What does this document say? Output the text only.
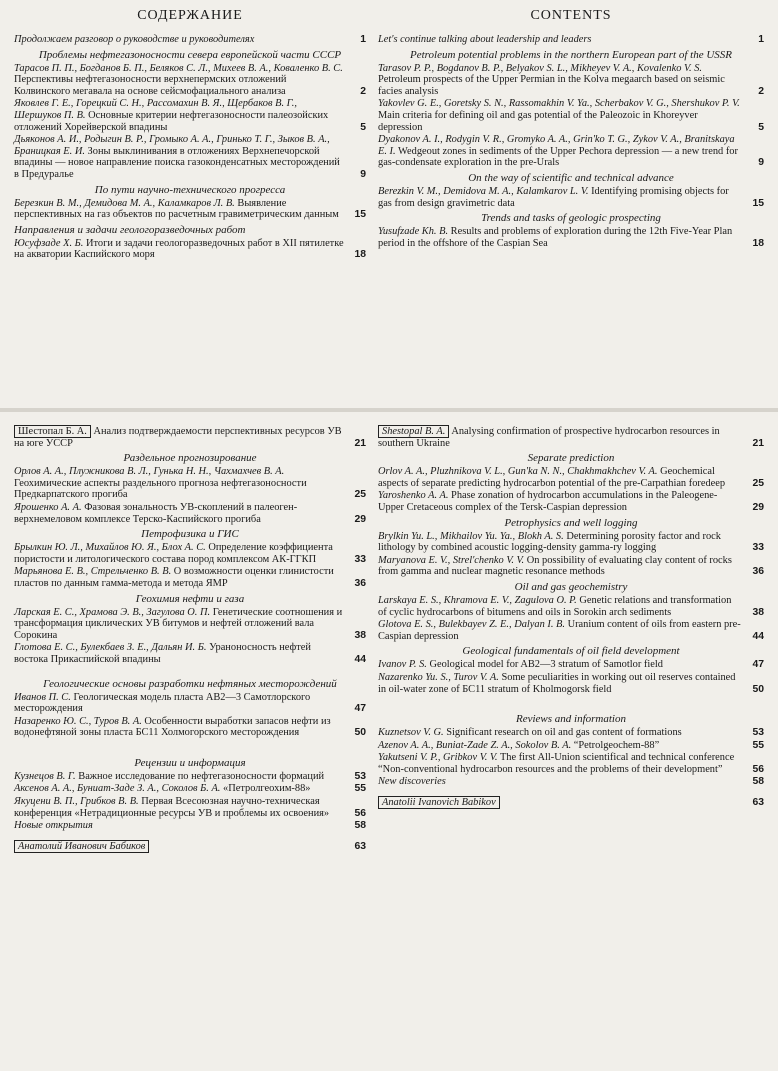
СОДЕРЖАНИЕ
Продолжаем разговор о руководстве и руководителях	1
Проблемы нефтегазоносности севера европейской части СССР
Тарасов П. П., Богданов Б. П., Беляков С. Л., Михеев В. А., Коваленко В. С. Перспективы нефтегазоносности верхнепермских отложений Колвинского мегавала на основе сейсмофациального анализа	2
Яковлев Г. Е., Горецкий С. Н., Рассомахин В. Я., Щербаков В. Г., Шершуков П. В. Основные критерии нефтегазоносности палеозойских отложений Хорейверской впадины	5
Дьяконов А. И., Родыгин В. Р., Громыко А. А., Гринько Т. Г., Зыков В. А., Браницкая Е. И. Зоны выклинивания в отложениях Верхнепечорской впадины — новое направление поиска газоконденсатных месторождений в Предуралье	9
По пути научно-технического прогресса
Березкин В. М., Демидова М. А., Каламкаров Л. В. Выявление перспективных на газ объектов по расчетным гравиметрическим данным 15
Направления и задачи геологоразведочных работ
Юсуфзаде Х. Б. Итоги и задачи геологоразведочных работ в XII пятилетке на акватории Каспийского моря	18
CONTENTS
Let's continue talking about leadership and leaders	1
Petroleum potential problems in the northern European part of the USSR
Tarasov P. P., Bogdanov B. P., Belyakov S. L., Mikheyev V. A., Kovalenko V. S. Petroleum prospects of the Upper Permian in the Kolva megaarch based on seismic facies analysis	2
Yakovlev G. E., Goretsky S. N., Rassomakhin V. Ya., Scherbakov V. G., Shershukov P. V. Main criteria for defining oil and gas potential of the Paleozoic in Khoreyver depression	5
Dyakonov A. I., Rodygin V. R., Gromyko A. A., Grin'ko T. G., Zykov V. A., Branitskaya E. I. Wedgeout zones in sediments of the Upper Pechora depression — a new trend for gas-condensate exploration in the pre-Urals	9
On the way of scientific and technical advance
Berezkin V. M., Demidova M. A., Kalamkarov L. V. Identifying promising objects for gas from design gravimetric data	15
Trends and tasks of geologic prospecting
Yusufzade Kh. B. Results and problems of exploration during the 12th Five-Year Plan period in the offshore of the Caspian Sea	18
Шестопал Б. А. Анализ подтверждаемости перспективных ресурсов УВ на юге УССР	21
Раздельное прогнозирование
Орлов А. А., Плужникова В. Л., Гунька Н. Н., Чахмахчев В. А. Геохимические аспекты раздельного прогноза нефтегазоносности Предкарпатского прогиба	25
Ярошенко А. А. Фазовая зональность УВ-скоплений в палеоген-верхнемеловом комплексе Терско-Каспийского прогиба	29
Петрофизика и ГИС
Брылкин Ю. Л., Михайлов Ю. Я., Блох А. С. Определение коэффициента пористости и литологического состава пород комплексом АК-ГГКП	33
Марьянова Е. В., Стрельченко В. В. О возможности оценки глинистости пластов по данным гамма-метода и метода ЯМР	36
Геохимия нефти и газа
Ларская Е. С., Храмова Э. В., Загулова О. П. Генетические соотношения и трансформация циклических УВ битумов и нефтей отложений вала Сорокина	38
Глотова Е. С., Булекбаев З. Е., Дальян И. Б. Ураноносность нефтей востока Прикаспийской впадины	44
Геологические основы разработки нефтяных месторождений
Иванов П. С. Геологическая модель пласта АВ2—3 Самотлорского месторождения	47
Назаренко Ю. С., Туров В. А. Особенности выработки запасов нефти из водонефтяной зоны пласта БС11 Холмогорского месторождения	50
Рецензии и информация
Кузнецов В. Г. Важное исследование по нефтегазоносности формаций	53
Аксенов А. А., Буниат-Заде З. А., Соколов Б. А. «Петролгеохим-88»	55
Якуцени В. П., Грибков В. В. Первая Всесоюзная научно-техническая конференция «Нетрадиционные ресурсы УВ и проблемы их освоения» 56
Новые открытия	58
Анатолий Иванович Бабиков	63
Shestopal B. A. Analysing confirmation of prospective hydrocarbon resources in southern Ukraine	21
Separate prediction
Orlov A. A., Pluzhnikova V. L., Gun'ka N. N., Chakhmakhchev V. A. Geochemical aspects of separate predicting hydrocarbon potential of the pre-Carpathian foredeep	25
Yaroshenko A. A. Phase zonation of hydrocarbon accumulations in the Paleogene-Upper Cretaceous complex of the Tersk-Caspian depression	29
Petrophysics and well logging
Brylkin Yu. L., Mikhailov Yu. Ya., Blokh A. S. Determining porosity factor and rock lithology by combined acoustic logging-density gamma-ry logging	33
Maryanova E. V., Strel'chenko V. V. On possibility of evaluating clay content of rocks from gamma and nuclear magnetic resonance methods	36
Oil and gas geochemistry
Larskaya E. S., Khramova E. V., Zagulova O. P. Genetic relations and transformation of cyclic hydrocarbons of bitumens and oils in Sorokin arch sediments	38
Glotova E. S., Bulekbayev Z. E., Dalyan I. B. Uranium content of oils from eastern pre-Caspian depression	44
Geological fundamentals of oil field development
Ivanov P. S. Geological model for AB2—3 stratum of Samotlor field	47
Nazarenko Yu. S., Turov V. A. Some peculiarities in working out oil reserves contained in oil-water zone of БС11 stratum of Kholmogorsk field	50
Reviews and information
Kuznetsov V. G. Significant research on oil and gas content of formations	53
Azenov A. A., Buniat-Zade Z. A., Sokolov B. A. “Petrolgeochem-88”	55
Yakutseni V. P., Gribkov V. V. The first All-Union scientifical and technical conference “Non-conventional hydrocarbon resources and the problems of their development”	56
New discoveries	58
Anatolii Ivanovich Babikov	63
